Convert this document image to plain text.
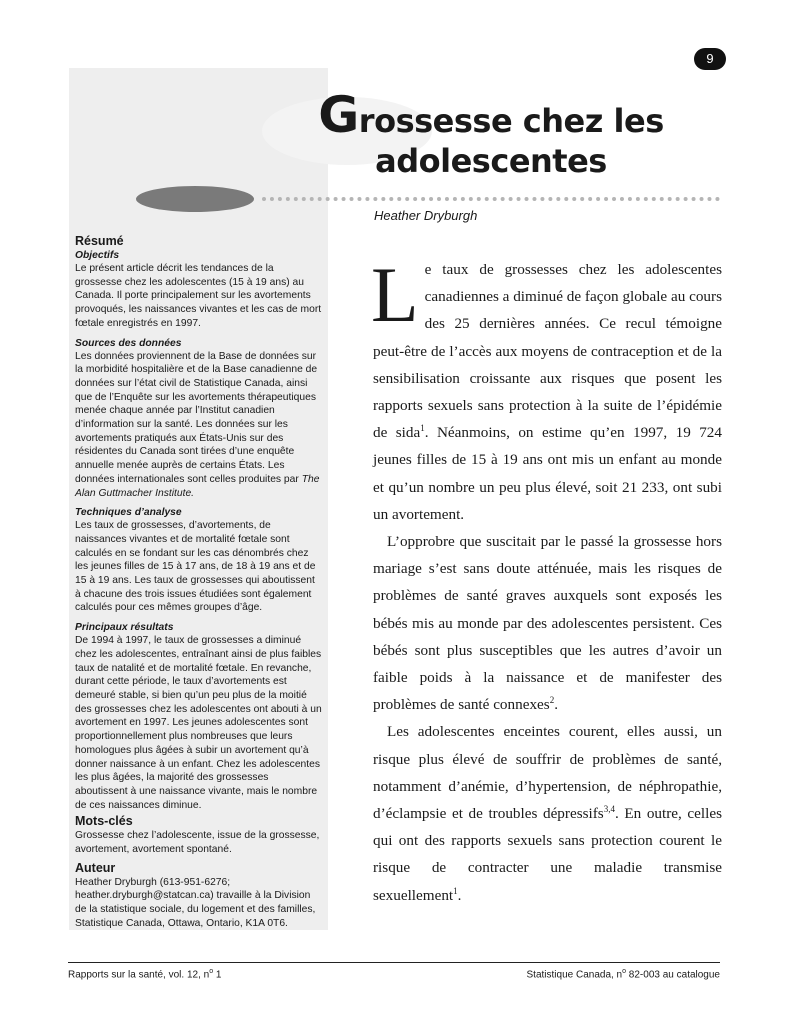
9
Grossesse chez les
adolescentes
Heather Dryburgh
Résumé
Objectifs

Le présent article décrit les tendances de la grossesse chez les adolescentes (15 à 19 ans) au Canada. Il porte principalement sur les avortements provoqués, les naissances vivantes et les cas de mort fœtale enregistrés en 1997.

Sources des données

Les données proviennent de la Base de données sur la morbidité hospitalière et de la Base canadienne de données sur l’état civil de Statistique Canada, ainsi que de l’Enquête sur les avortements thérapeutiques menée chaque année par l’Institut canadien d’information sur la santé. Les données sur les avortements pratiqués aux États-Unis sur des résidentes du Canada sont tirées d’une enquête annuelle menée auprès de certains États. Les données internationales sont celles produites par The Alan Guttmacher Institute.

Techniques d’analyse

Les taux de grossesses, d’avortements, de naissances vivantes et de mortalité fœtale sont calculés en se fondant sur les cas dénombrés chez les jeunes filles de 15 à 17 ans, de 18 à 19 ans et de 15 à 19 ans. Les taux de grossesses qui aboutissent à chacune des trois issues étudiées sont également calculés pour ces mêmes groupes d’âge.

Principaux résultats

De 1994 à 1997, le taux de grossesses a diminué chez les adolescentes, entraînant ainsi de plus faibles taux de natalité et de mortalité fœtale. En revanche, durant cette période, le taux d’avortements est demeuré stable, si bien qu’un peu plus de la moitié des grossesses chez les adolescentes ont abouti à un avortement en 1997. Les jeunes adolescentes sont proportionnellement plus nombreuses que leurs homologues plus âgées à subir un avortement qu’à donner naissance à un enfant. Chez les adolescentes les plus âgées, la majorité des grossesses aboutissent à une naissance vivante, mais le nombre de ces naissances diminue.

Mots-clés

Grossesse chez l’adolescente, issue de la grossesse, avortement, avortement spontané.

Auteur

Heather Dryburgh (613-951-6276; heather.dryburgh@statcan.ca) travaille à la Division de la statistique sociale, du logement et des familles, Statistique Canada, Ottawa, Ontario, K1A 0T6.

Le taux de grossesses chez les adolescentes canadiennes a diminué de façon globale au cours des 25 dernières années. Ce recul témoigne peut-être de l’accès aux moyens de contraception et de la sensibilisation croissante aux risques que posent les rapports sexuels sans protection à la suite de l’épidémie de sida$^1$. Néanmoins, on estime qu’en 1997, 19 724 jeunes filles de 15 à 19 ans ont mis un enfant au monde et qu’un nombre un peu plus élevé, soit 21 233, ont subi un avortement.

L’opprobre que suscitait par le passé la grossesse hors mariage s’est sans doute atténuée, mais les risques de problèmes de santé graves auxquels sont exposés les bébés mis au monde par des adolescentes persistent. Ces bébés sont plus susceptibles que les autres d’avoir un faible poids à la naissance et de manifester des problèmes de santé connexes$^2$.

Les adolescentes enceintes courent, elles aussi, un risque plus élevé de souffrir de problèmes de santé, notamment d’anémie, d’hypertension, de néphropathie, d’éclampsie et de troubles dépressifs$^{3,4}$. En outre, celles qui ont des rapports sexuels sans protection courent le risque de contracter une maladie transmise sexuellement$^1$.

Rapports sur la santé, vol. 12, $n^o$ 1	Statistique Canada, $n^o$ 82-003 au catalogue
